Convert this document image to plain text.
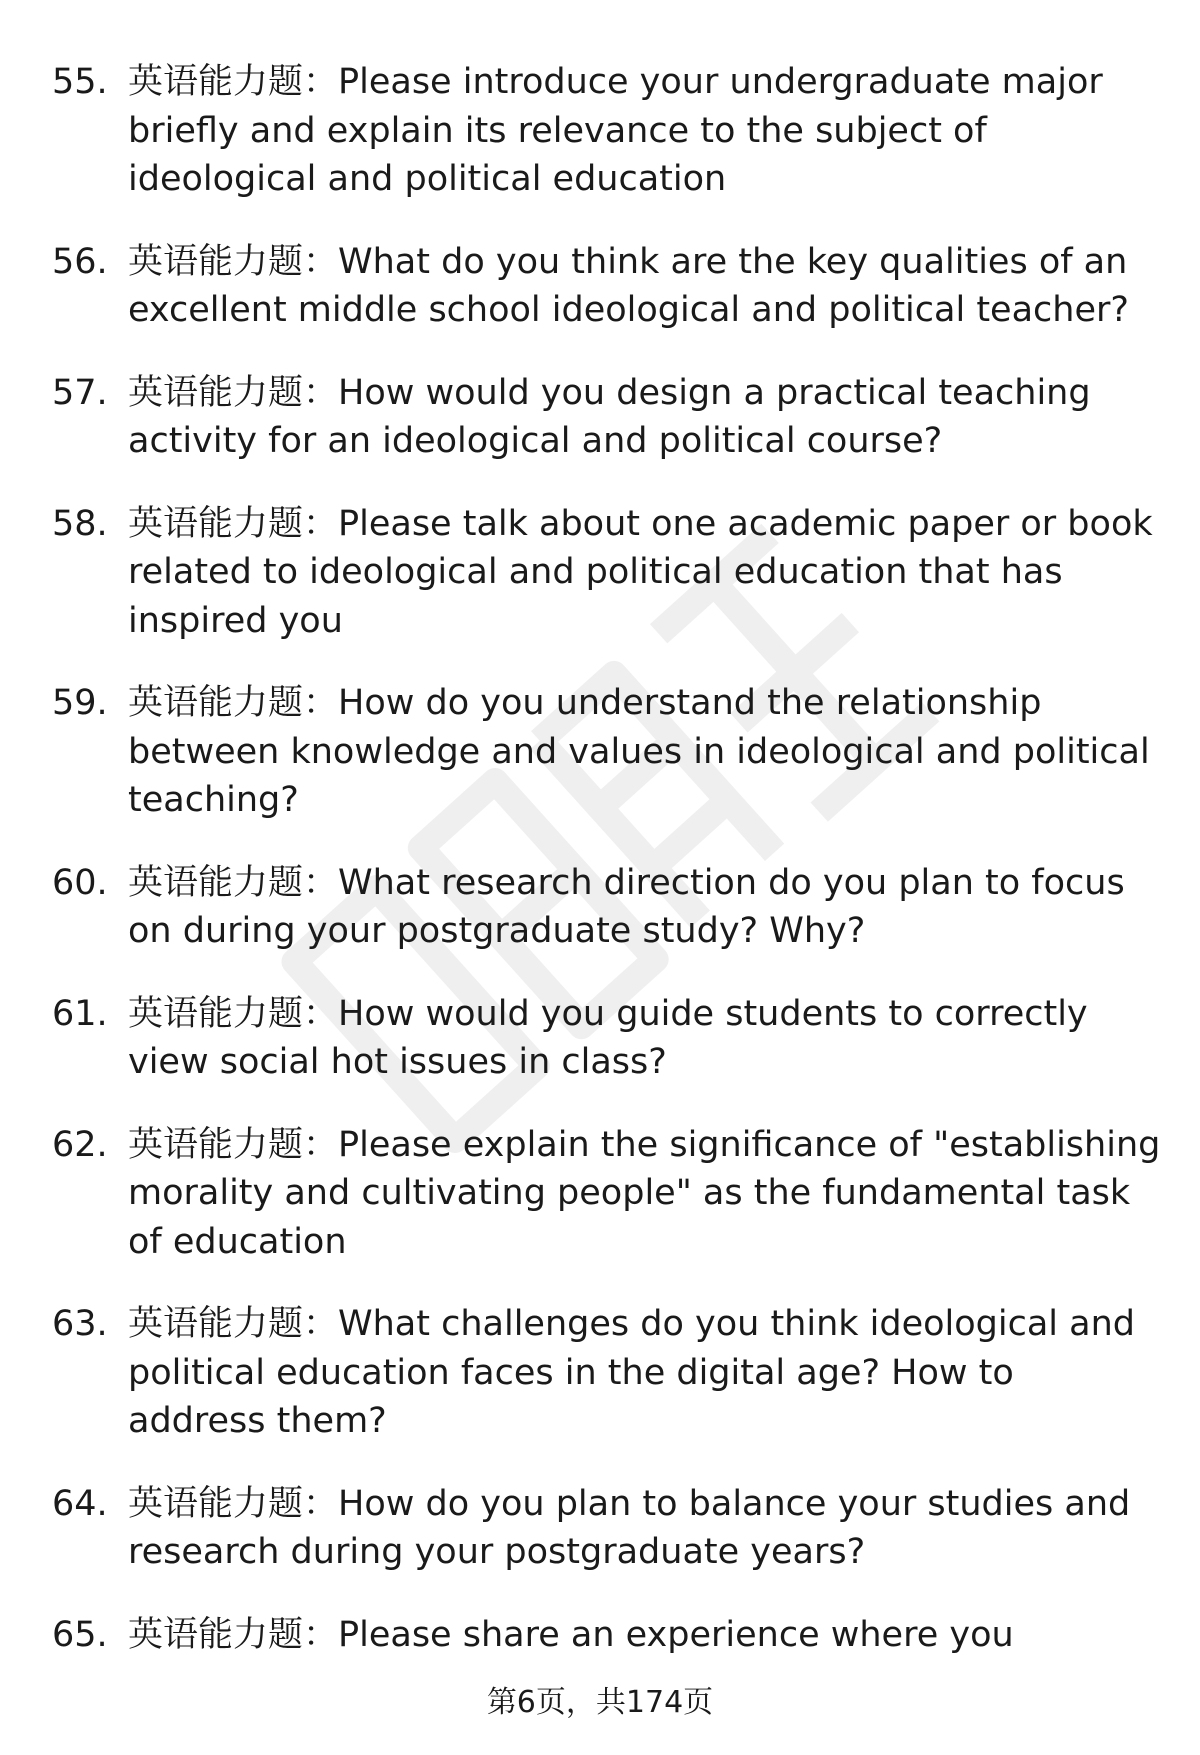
55. 英语能力题：Please introduce your undergraduate major briefly and explain its relevance to the subject of ideological and political education
56. 英语能力题：What do you think are the key qualities of an excellent middle school ideological and political teacher?
57. 英语能力题：How would you design a practical teaching activity for an ideological and political course?
58. 英语能力题：Please talk about one academic paper or book related to ideological and political education that has inspired you
59. 英语能力题：How do you understand the relationship between knowledge and values in ideological and political teaching?
60. 英语能力题：What research direction do you plan to focus on during your postgraduate study? Why?
61. 英语能力题：How would you guide students to correctly view social hot issues in class?
62. 英语能力题：Please explain the significance of "establishing morality and cultivating people" as the fundamental task of education
63. 英语能力题：What challenges do you think ideological and political education faces in the digital age? How to address them?
64. 英语能力题：How do you plan to balance your studies and research during your postgraduate years?
65. 英语能力题：Please share an experience where you
第6页，共174页
